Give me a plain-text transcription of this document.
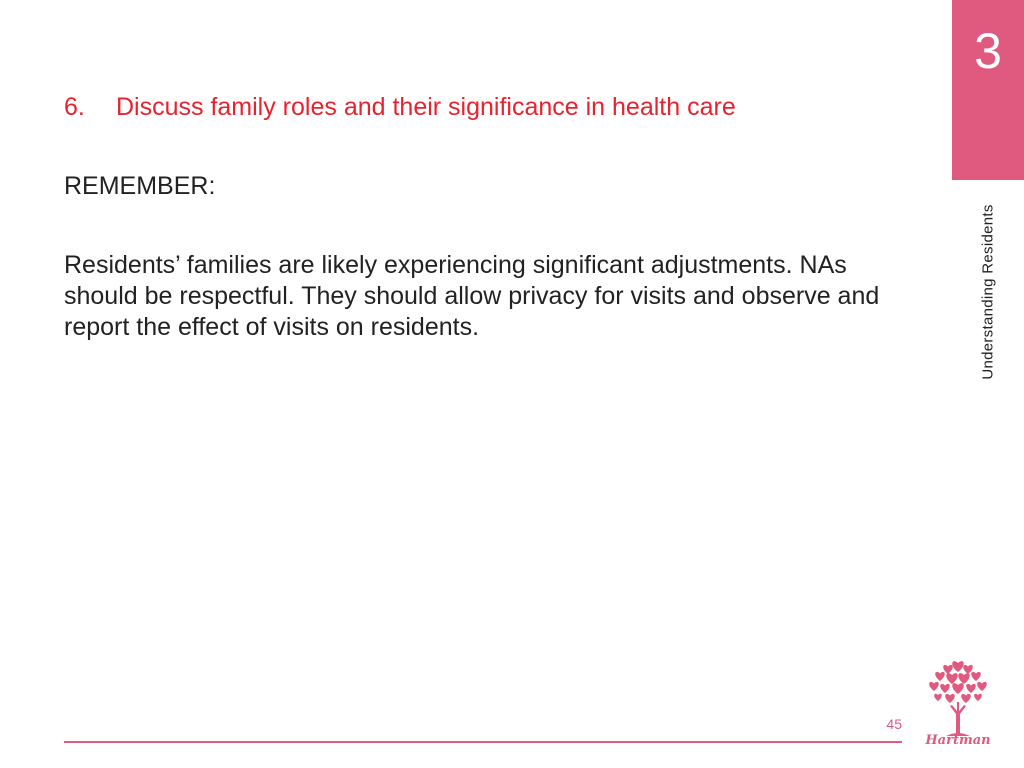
3
Understanding Residents
6.	Discuss family roles and their significance in health care
REMEMBER:
Residents’ families are likely experiencing significant adjustments. NAs should be respectful. They should allow privacy for visits and observe and report the effect of visits on residents.
45
Hartman
